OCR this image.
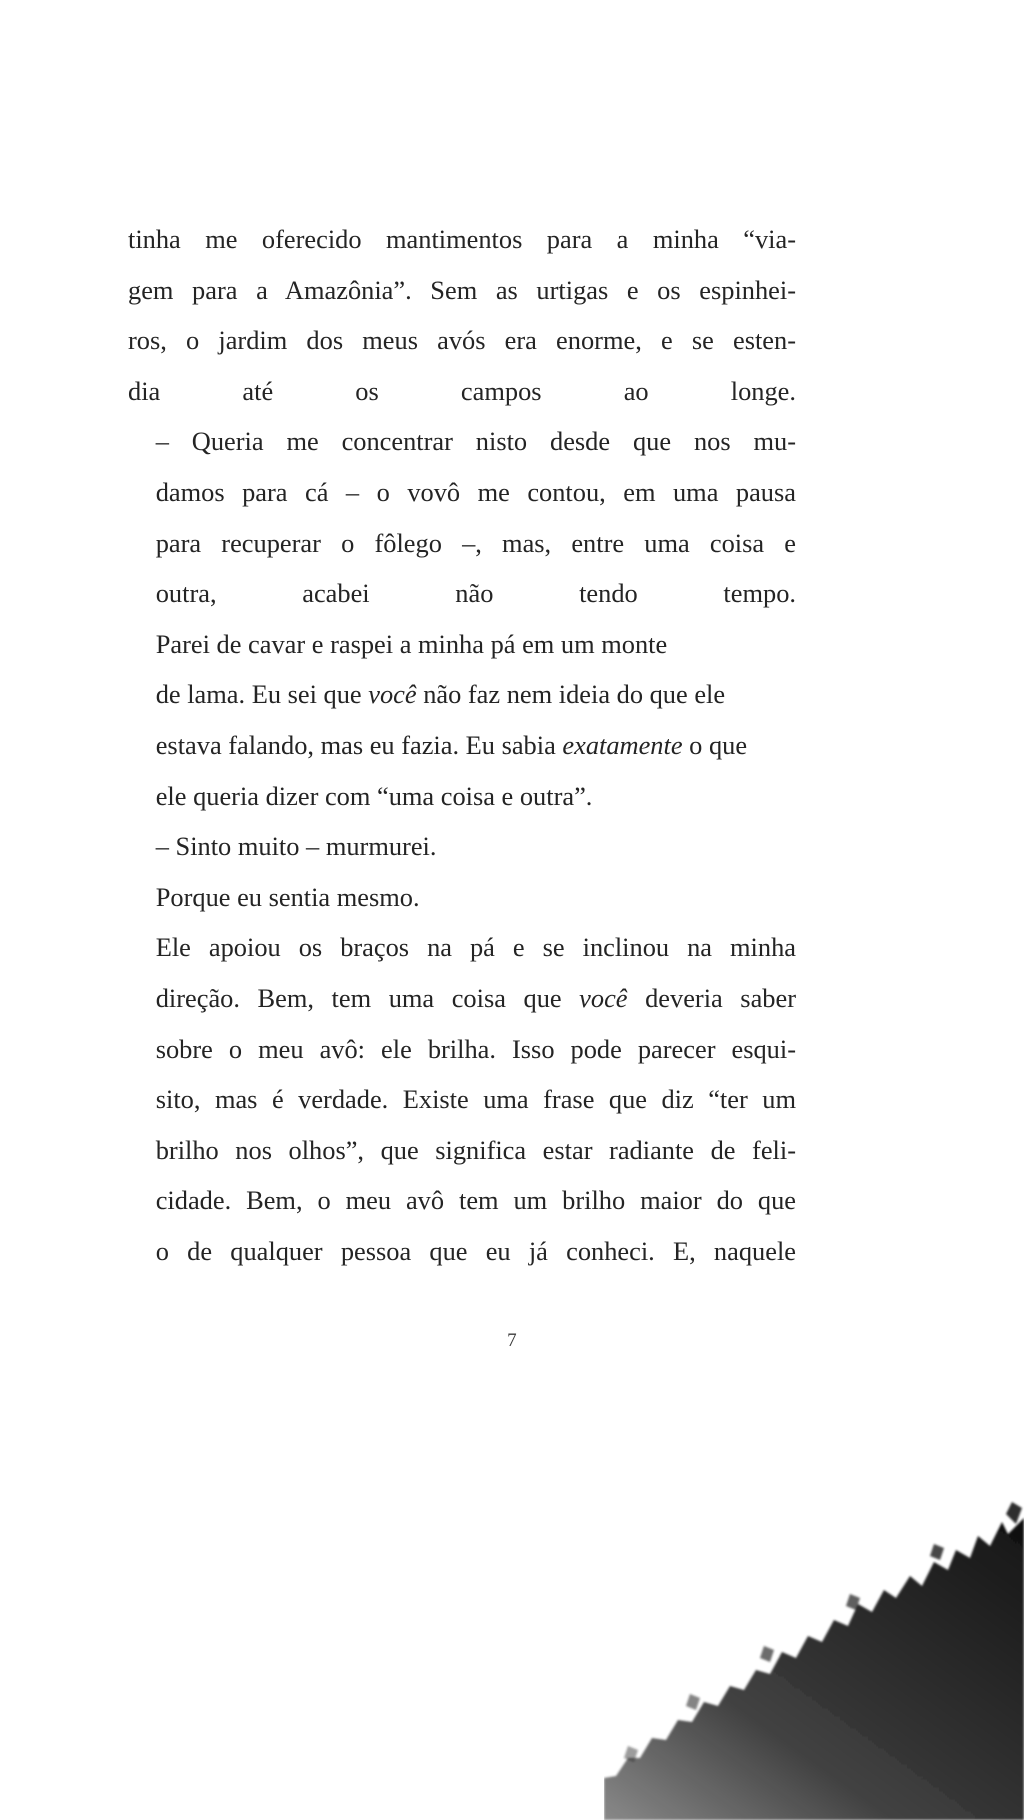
tinha me oferecido mantimentos para a minha “via-
gem para a Amazônia”. Sem as urtigas e os espinhei-
ros, o jardim dos meus avós era enorme, e se esten-
dia até os campos ao longe.

– Queria me concentrar nisto desde que nos mu-
damos para cá – o vovô me contou, em uma pausa
para recuperar o fôlego –, mas, entre uma coisa e
outra, acabei não tendo tempo.

Parei de cavar e raspei a minha pá em um monte
de lama. Eu sei que você não faz nem ideia do que ele
estava falando, mas eu fazia. Eu sabia exatamente o que
ele queria dizer com “uma coisa e outra”.

– Sinto muito – murmurei.

Porque eu sentia mesmo.

Ele apoiou os braços na pá e se inclinou na minha
direção. Bem, tem uma coisa que você deveria saber
sobre o meu avô: ele brilha. Isso pode parecer esqui-
sito, mas é verdade. Existe uma frase que diz “ter um
brilho nos olhos”, que significa estar radiante de feli-
cidade. Bem, o meu avô tem um brilho maior do que
o de qualquer pessoa que eu já conheci. E, naquele

7
